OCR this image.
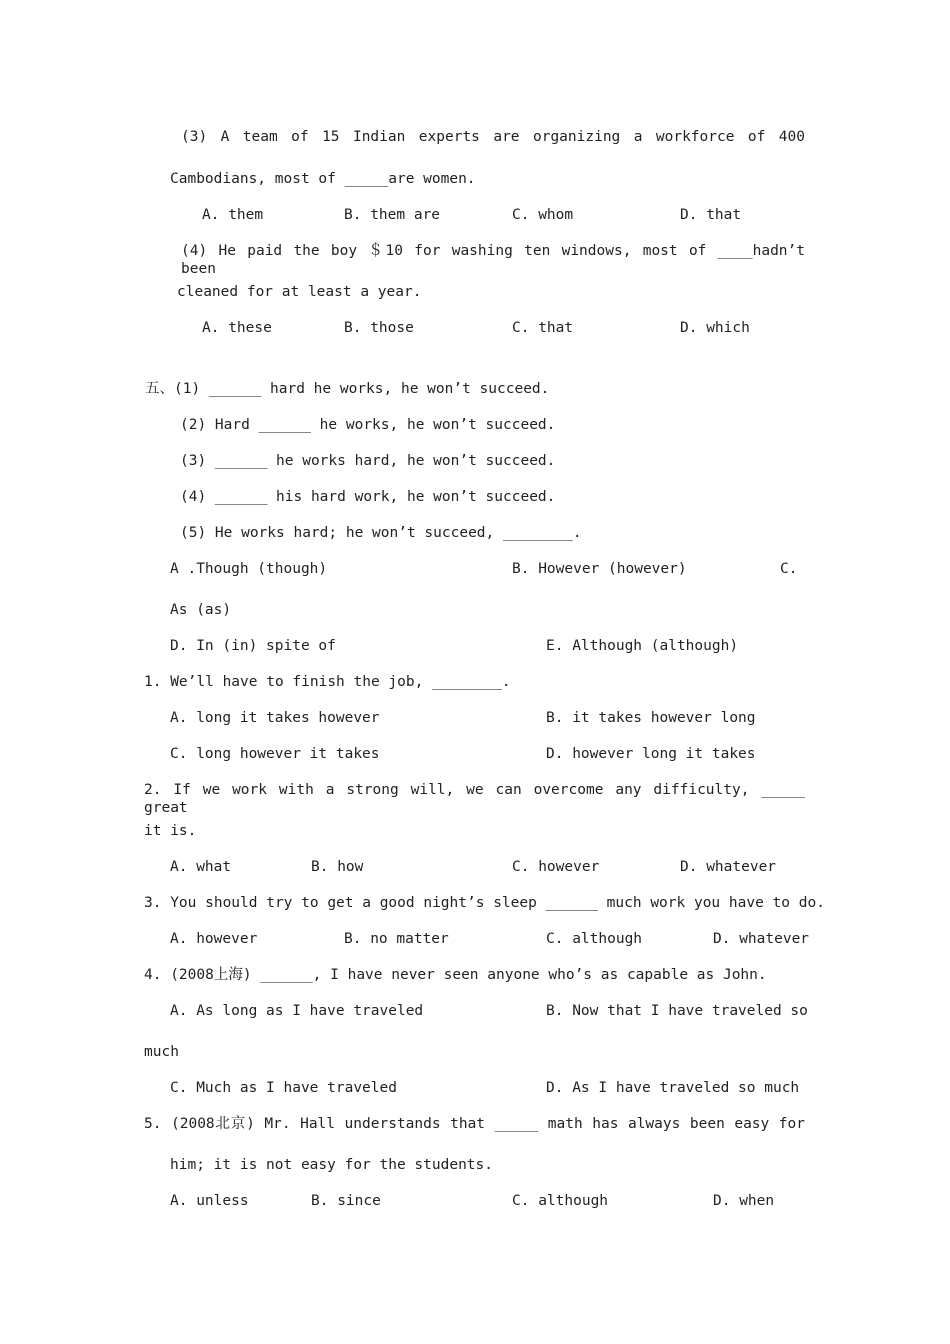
(3) A team of 15 Indian experts are organizing a workforce of 400
Cambodians, most of _____are women.
A. them	B. them are	C. whom	D. that
(4) He paid the boy ＄10 for washing ten windows, most of ____hadn’t been
cleaned for at least a year.
A. these	B. those	C. that	D. which
五、(1) ______ hard he works, he won’t succeed.
(2) Hard ______ he works, he won’t succeed.
(3) ______ he works hard, he won’t succeed.
(4) ______ his hard work, he won’t succeed.
(5) He works hard; he won’t succeed, ________.
A .Though (though)	B. However (however)	C.
As (as)
D. In (in) spite of	E. Although (although)
1. We’ll have to finish the job, ________.
A. long it takes however	B. it takes however long
C. long however it takes	D. however long it takes
2. If we work with a strong will, we can overcome any difficulty, _____ great
it is.
A. what	B. how	C. however	D. whatever
3. You should try to get a good night’s sleep ______ much work you have to do.
A. however	B. no matter	C. although	D. whatever
4. (2008上海) ______, I have never seen anyone who’s as capable as John.
A. As long as I have traveled	B. Now that I have traveled so
much
C. Much as I have traveled	D. As I have traveled so much
5. (2008北京) Mr. Hall understands that _____ math has always been easy for
him; it is not easy for the students.
A. unless	B. since	C. although	D. when
